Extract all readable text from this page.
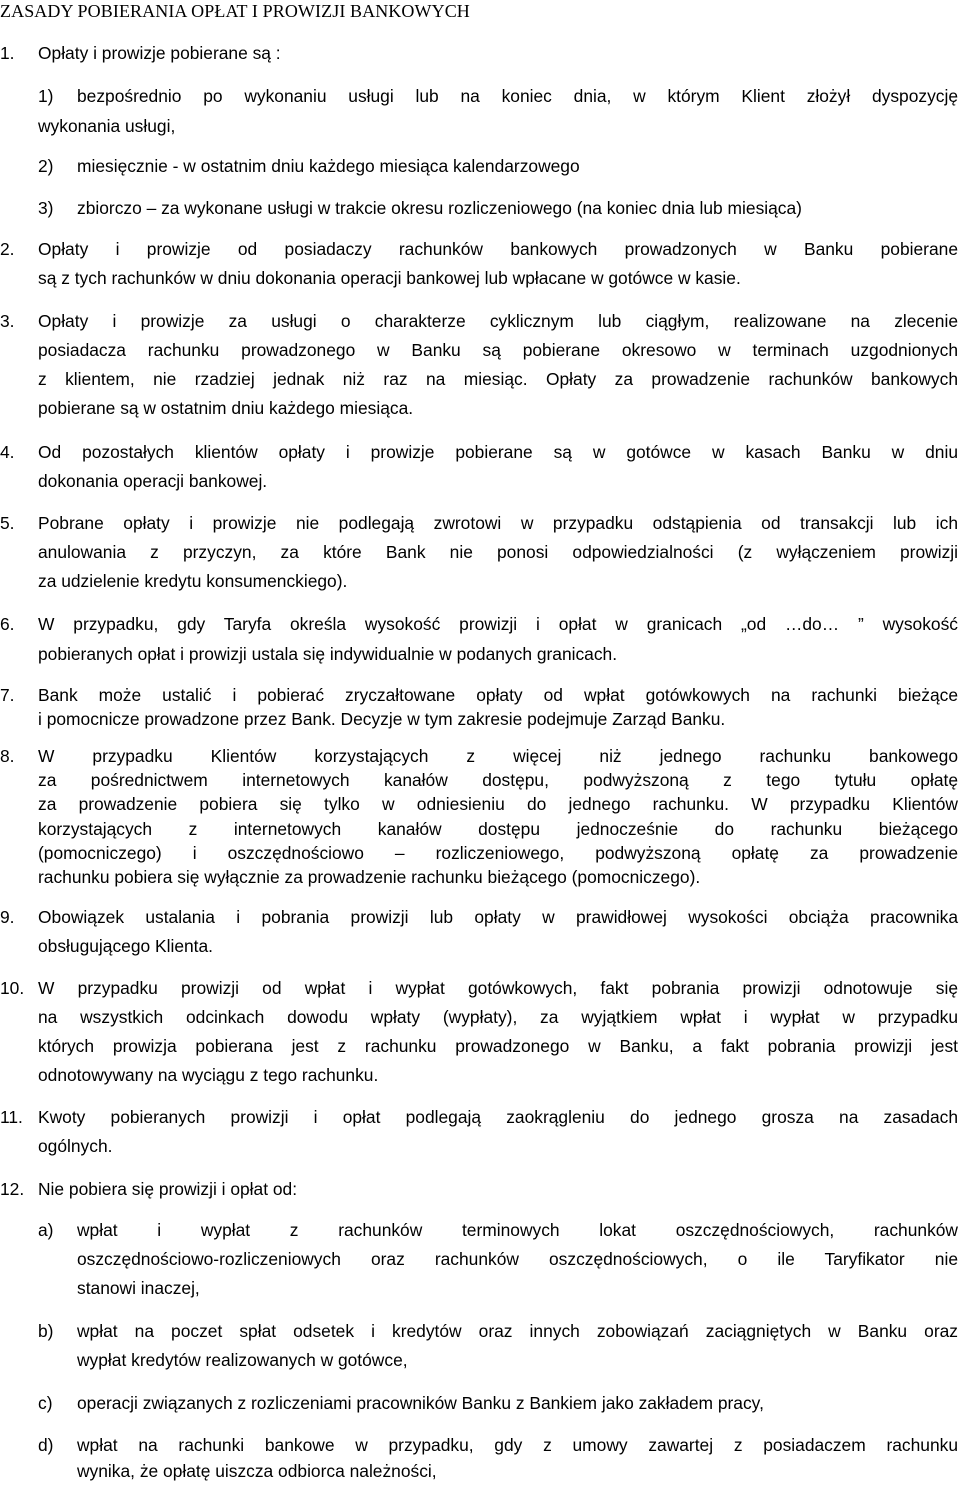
ZASADY POBIERANIA OPŁAT I PROWIZJI BANKOWYCH
1. Opłaty i prowizje pobierane są :
1) bezpośrednio po wykonaniu usługi lub na koniec dnia, w którym Klient złożył dyspozycję
wykonania usługi,
2) miesięcznie - w ostatnim dniu każdego miesiąca kalendarzowego
3) zbiorczo – za wykonane usługi w trakcie okresu rozliczeniowego (na koniec dnia lub miesiąca)
2. Opłaty i prowizje od posiadaczy rachunków bankowych prowadzonych w Banku pobierane
są z tych rachunków w dniu dokonania operacji bankowej lub wpłacane w gotówce w kasie.
3. Opłaty i prowizje za usługi o charakterze cyklicznym lub ciągłym, realizowane na zlecenie
posiadacza rachunku prowadzonego w Banku są pobierane okresowo w terminach uzgodnionych
z klientem, nie rzadziej jednak niż raz na miesiąc. Opłaty za prowadzenie rachunków bankowych
pobierane są w ostatnim dniu każdego miesiąca.
4. Od pozostałych klientów opłaty i prowizje pobierane są w gotówce w kasach Banku w dniu
dokonania operacji bankowej.
5. Pobrane opłaty i prowizje nie podlegają zwrotowi w przypadku odstąpienia od transakcji lub ich
anulowania z przyczyn, za które Bank nie ponosi odpowiedzialności (z wyłączeniem prowizji
za udzielenie kredytu konsumenckiego).
6. W przypadku, gdy Taryfa określa wysokość prowizji i opłat w granicach „od …do… ” wysokość
pobieranych opłat i prowizji ustala się indywidualnie w podanych granicach.
7. Bank może ustalić i pobierać zryczałtowane opłaty od wpłat gotówkowych na rachunki bieżące
i pomocnicze prowadzone przez Bank. Decyzje w tym zakresie podejmuje Zarząd Banku.
8. W przypadku Klientów korzystających z więcej niż jednego rachunku bankowego
za pośrednictwem internetowych kanałów dostępu, podwyższoną z tego tytułu opłatę
za prowadzenie pobiera się tylko w odniesieniu do jednego rachunku. W przypadku Klientów
korzystających z internetowych kanałów dostępu jednocześnie do rachunku bieżącego
(pomocniczego) i oszczędnościowo – rozliczeniowego, podwyższoną opłatę za prowadzenie
rachunku pobiera się wyłącznie za prowadzenie rachunku bieżącego (pomocniczego).
9. Obowiązek ustalania i pobrania prowizji lub opłaty w prawidłowej wysokości obciąża pracownika
obsługującego Klienta.
10. W przypadku prowizji od wpłat i wypłat gotówkowych, fakt pobrania prowizji odnotowuje się
na wszystkich odcinkach dowodu wpłaty (wypłaty), za wyjątkiem wpłat i wypłat w przypadku
których prowizja pobierana jest z rachunku prowadzonego w Banku, a fakt pobrania prowizji jest
odnotowywany na wyciągu z tego rachunku.
11. Kwoty pobieranych prowizji i opłat podlegają zaokrągleniu do jednego grosza na zasadach
ogólnych.
12. Nie pobiera się prowizji i opłat od:
a) wpłat i wypłat z rachunków terminowych lokat oszczędnościowych, rachunków
oszczędnościowo-rozliczeniowych oraz rachunków oszczędnościowych, o ile Taryfikator nie
stanowi inaczej,
b) wpłat na poczet spłat odsetek i kredytów oraz innych zobowiązań zaciągniętych w Banku oraz
wypłat kredytów realizowanych w gotówce,
c) operacji związanych z rozliczeniami pracowników Banku z Bankiem jako zakładem pracy,
d) wpłat na rachunki bankowe w przypadku, gdy z umowy zawartej z posiadaczem rachunku
wynika, że opłatę uiszcza odbiorca należności,
